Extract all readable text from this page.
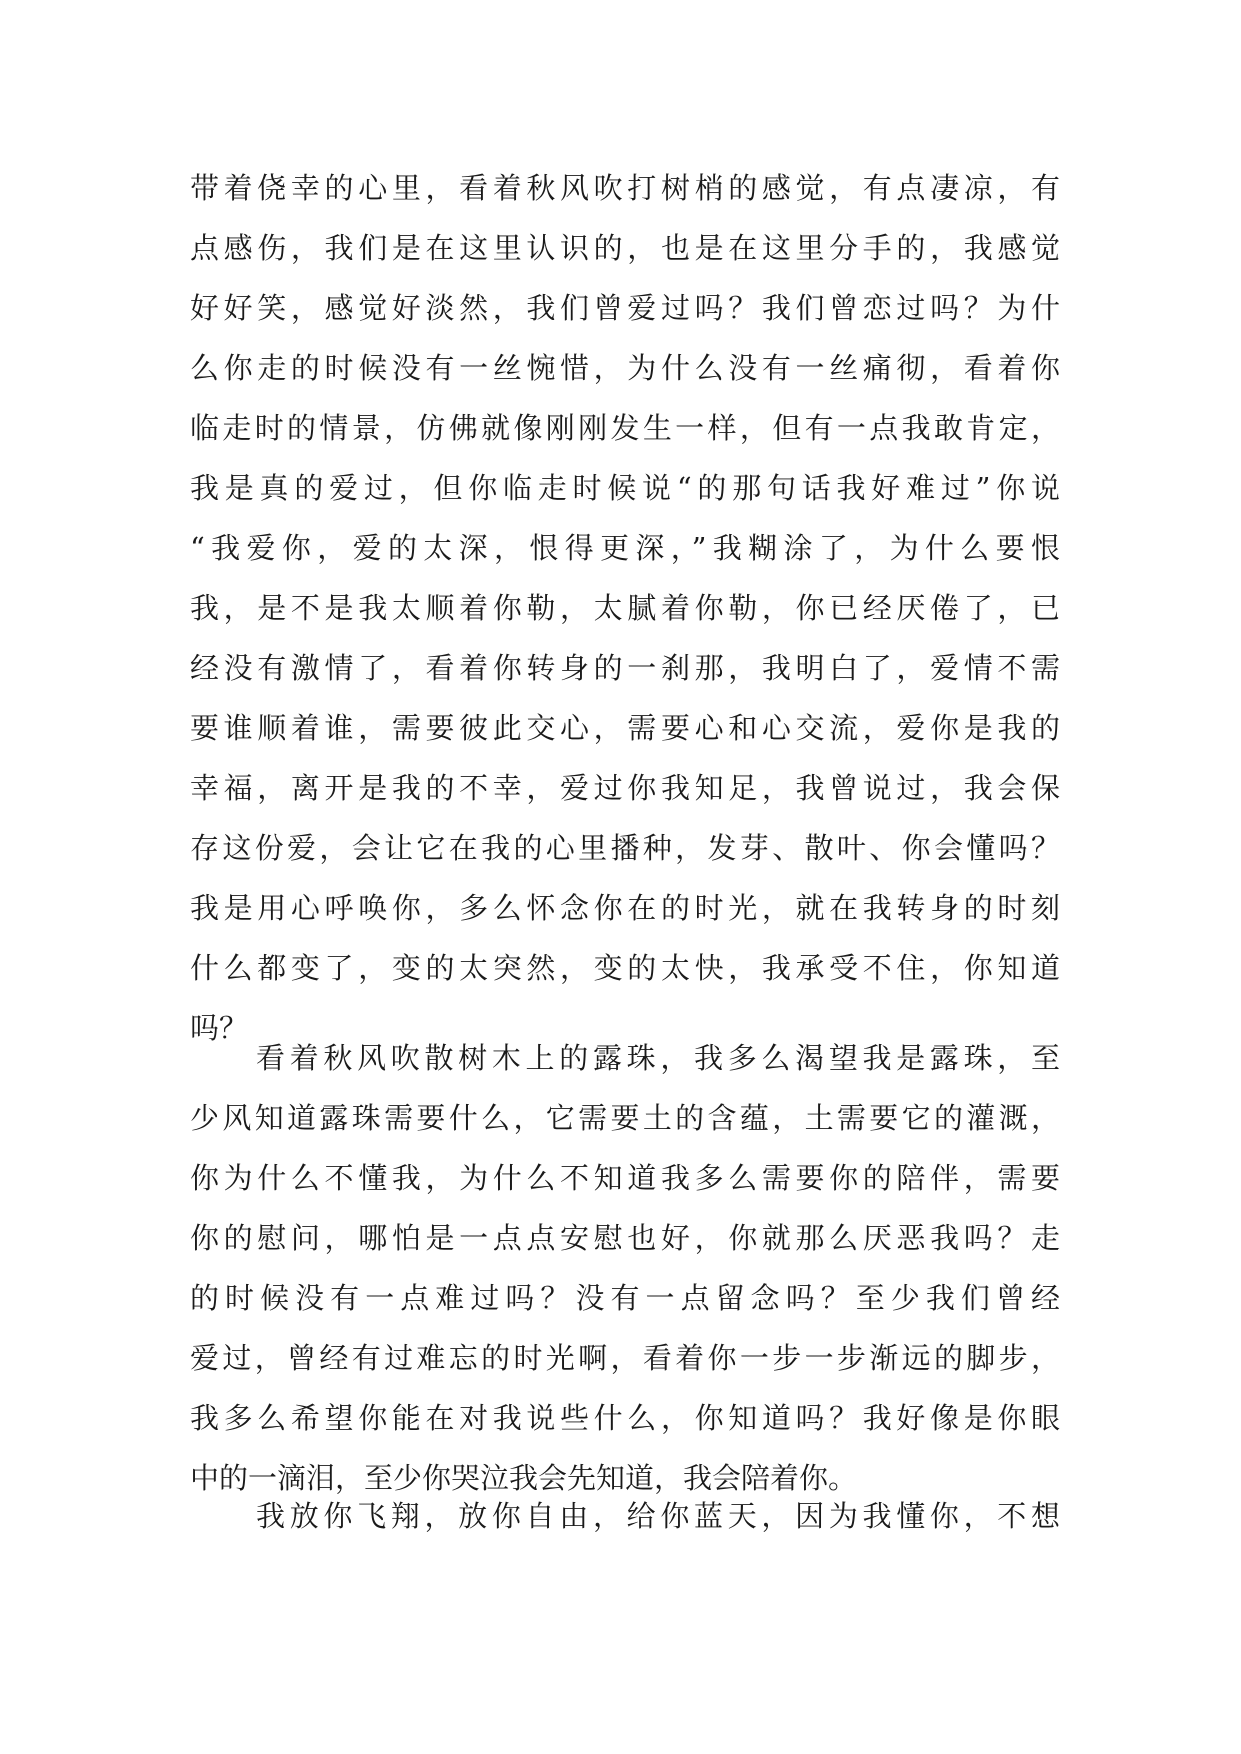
带着侥幸的心里，看着秋风吹打树梢的感觉，有点凄凉，有
点感伤，我们是在这里认识的，也是在这里分手的，我感觉
好好笑，感觉好淡然，我们曾爱过吗？我们曾恋过吗？为什
么你走的时候没有一丝惋惜，为什么没有一丝痛彻，看着你
临走时的情景，仿佛就像刚刚发生一样，但有一点我敢肯定，
我是真的爱过，但你临走时候说“的那句话我好难过”你说
“我爱你，爱的太深，恨得更深，”我糊涂了，为什么要恨
我，是不是我太顺着你勒，太腻着你勒，你已经厌倦了，已
经没有激情了，看着你转身的一刹那，我明白了，爱情不需
要谁顺着谁，需要彼此交心，需要心和心交流，爱你是我的
幸福，离开是我的不幸，爱过你我知足，我曾说过，我会保
存这份爱，会让它在我的心里播种，发芽、散叶、你会懂吗？
我是用心呼唤你，多么怀念你在的时光，就在我转身的时刻
什么都变了，变的太突然，变的太快，我承受不住，你知道
吗？
看着秋风吹散树木上的露珠，我多么渴望我是露珠，至
少风知道露珠需要什么，它需要土的含蕴，土需要它的灌溉，
你为什么不懂我，为什么不知道我多么需要你的陪伴，需要
你的慰问，哪怕是一点点安慰也好，你就那么厌恶我吗？走
的时候没有一点难过吗？没有一点留念吗？至少我们曾经
爱过，曾经有过难忘的时光啊，看着你一步一步渐远的脚步，
我多么希望你能在对我说些什么，你知道吗？我好像是你眼
中的一滴泪，至少你哭泣我会先知道，我会陪着你。
我放你飞翔，放你自由，给你蓝天，因为我懂你，不想
